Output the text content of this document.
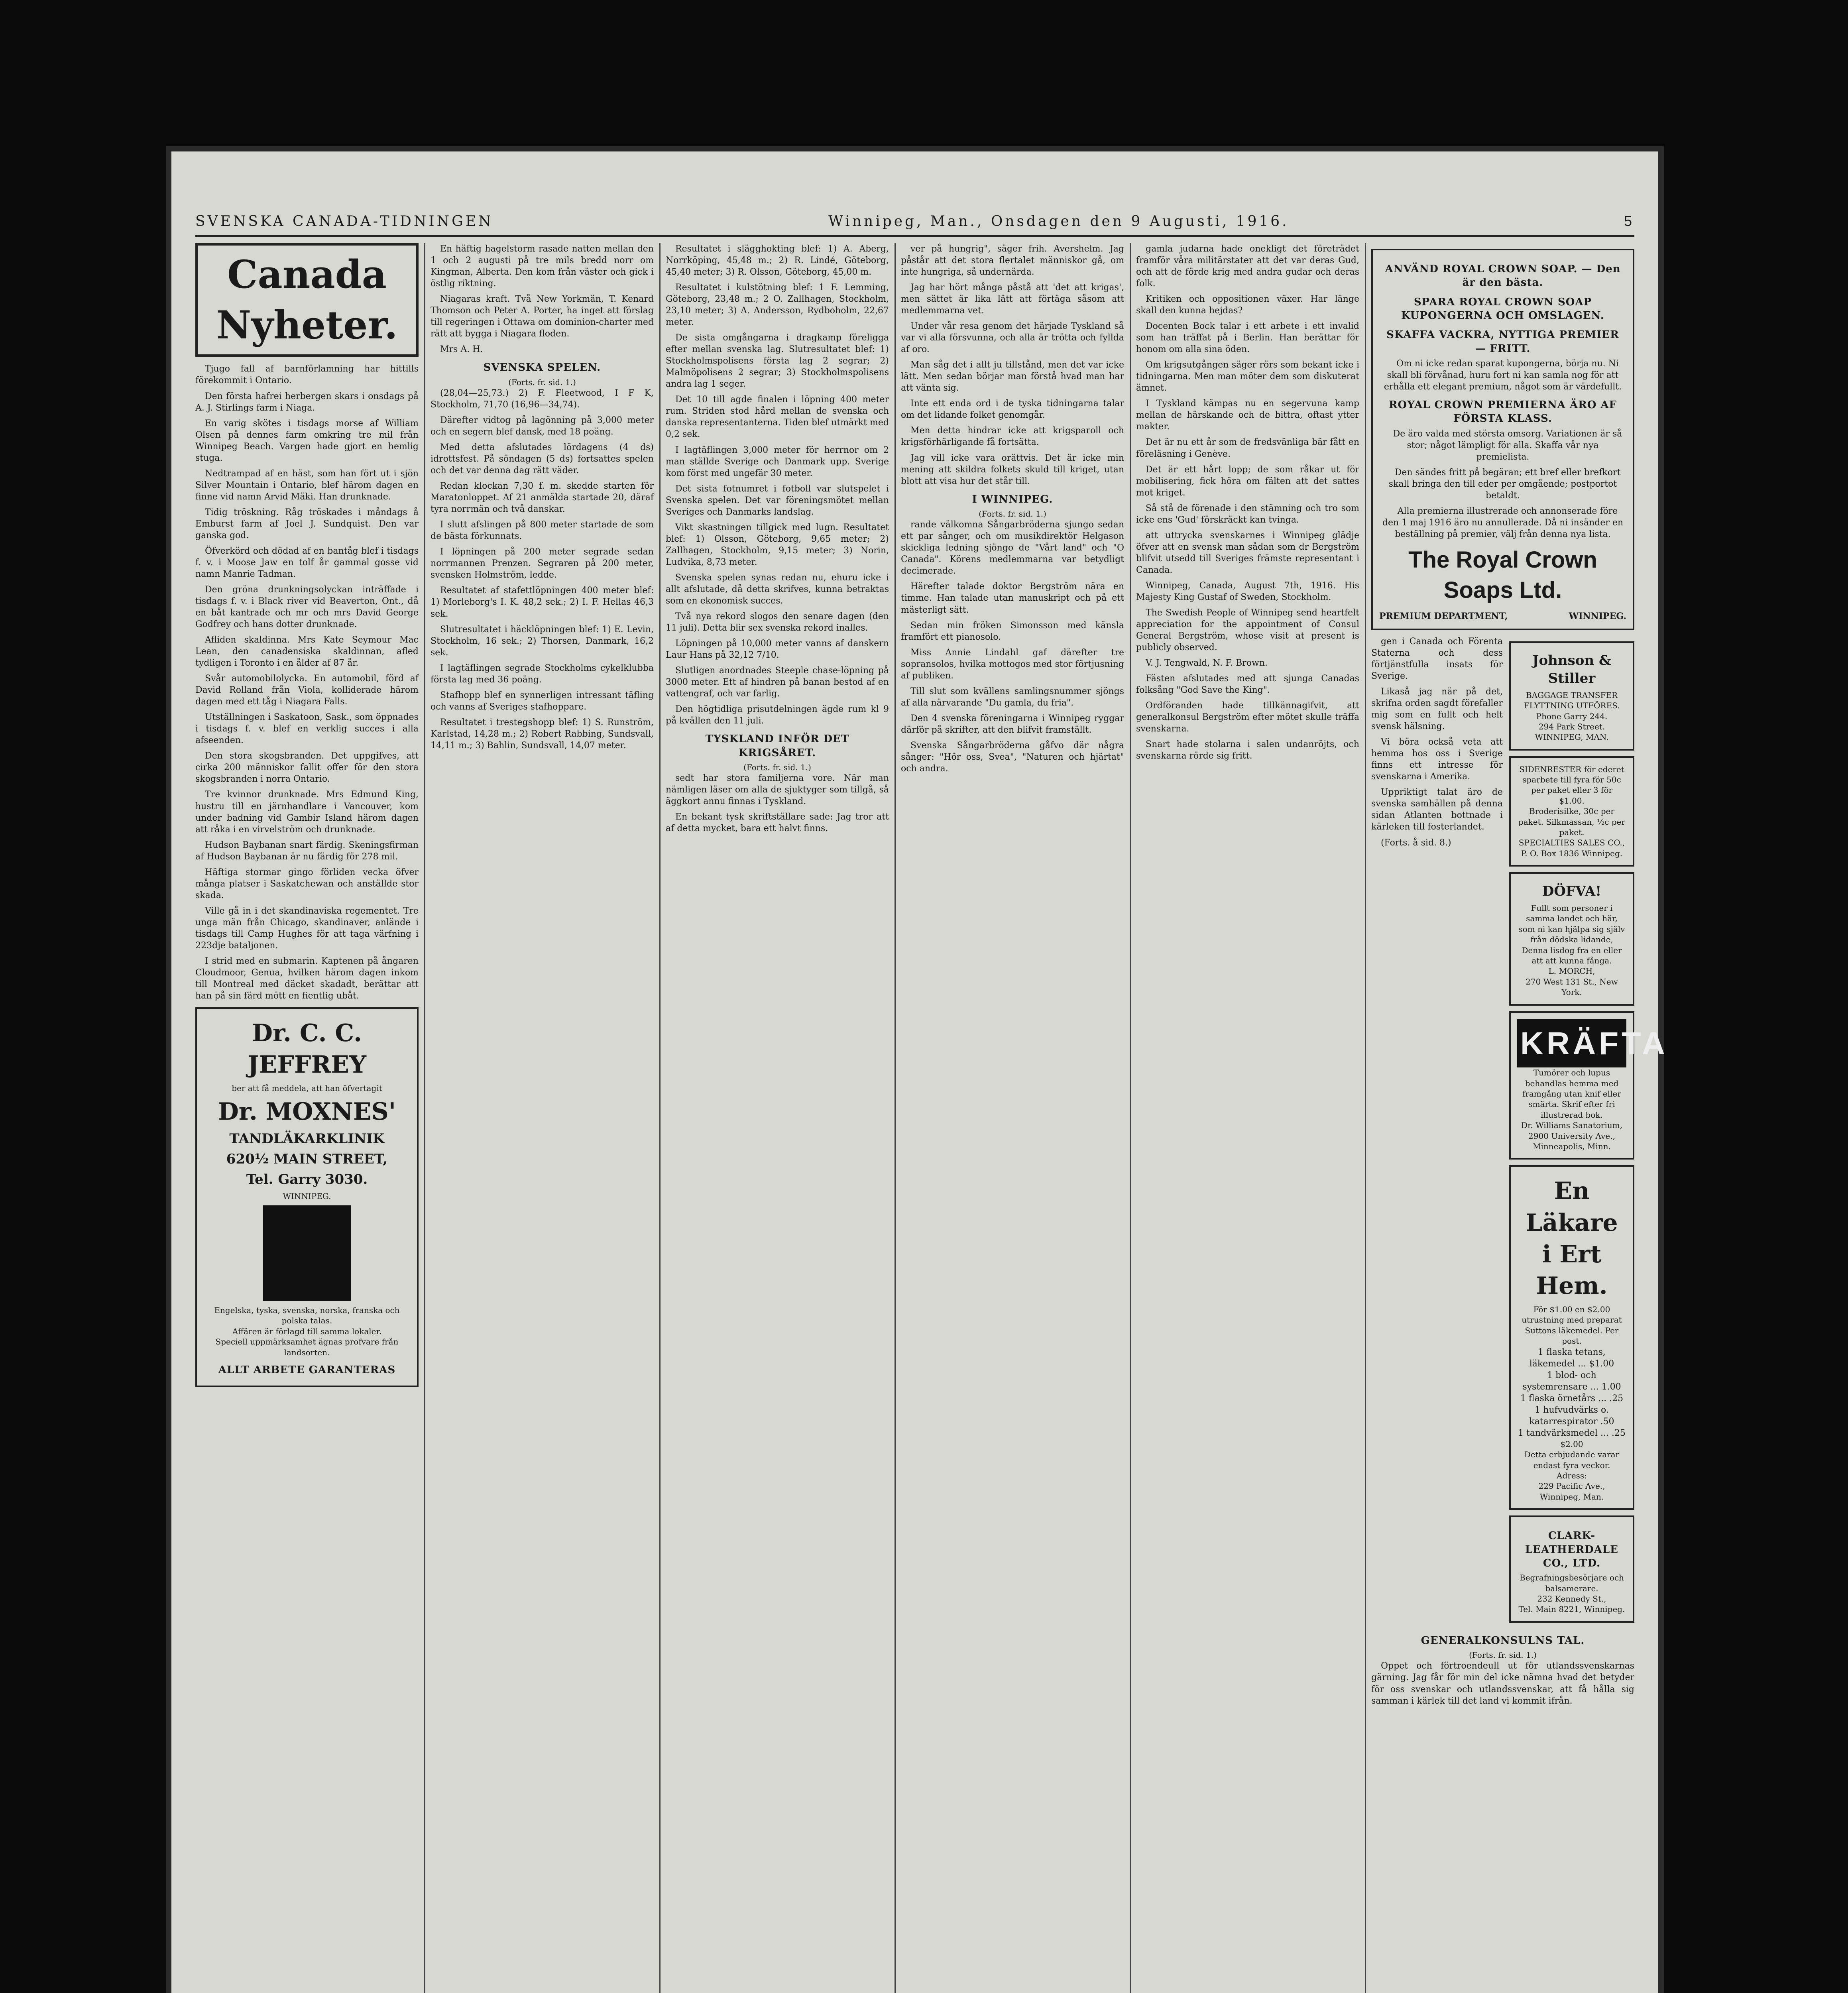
SVENSKA CANADA-TIDNINGEN	Winnipeg, Man., Onsdagen den 9 Augusti, 1916.	5
Canada Nyheter.

Tjugo fall af barnförlamning har hittills förekommit i Ontario.

Den första hafrei herbergen skars i onsdags på A. J. Stirlings farm i Niaga.

En varig skötes i tisdags morse af William Olsen på dennes farm omkring tre mil från Winnipeg Beach. Vargen hade gjort en hemlig stuga.

Nedtrampad af en häst, som han fört ut i sjön Silver Mountain i Ontario, blef härom dagen en finne vid namn Arvid Mäki. Han drunknade.

Tidig tröskning. Råg tröskades i måndags å Emburst farm af Joel J. Sundquist. Den var ganska god.

Öfverkörd och dödad af en bantåg blef i tisdags f. v. i Moose Jaw en tolf år gammal gosse vid namn Manrie Tadman.

Den gröna drunkningsolyckan inträffade i tisdags f. v. i Black river vid Beaverton, Ont., då en båt kantrade och mr och mrs David George Godfrey och hans dotter drunknade.

Afliden skaldinna. Mrs Kate Seymour Mac Lean, den canadensiska skaldinnan, afled tydligen i Toronto i en ålder af 87 år.

Svår automobilolycka. En automobil, förd af David Rolland från Viola, kolliderade härom dagen med ett tåg i Niagara Falls.

Utställningen i Saskatoon, Sask., som öppnades i tisdags f. v. blef en verklig succes i alla afseenden.

Den stora skogsbranden. Det uppgifves, att cirka 200 människor fallit offer för den stora skogsbranden i norra Ontario.

Tre kvinnor drunknade. Mrs Edmund King, hustru till en järnhandlare i Vancouver, kom under badning vid Gambir Island härom dagen att råka i en virvelström och drunknade.

Hudson Baybanan snart färdig. Skeningsfirman af Hudson Baybanan är nu färdig för 278 mil.

Häftiga stormar gingo förliden vecka öfver många platser i Saskatchewan och anställde stor skada.

Ville gå in i det skandinaviska regementet. Tre unga män från Chicago, skandinaver, anlände i tisdags till Camp Hughes för att taga värfning i 223dje bataljonen.

I strid med en submarin. Kaptenen på ångaren Cloudmoor, Genua, hvilken härom dagen inkom till Montreal med däcket skadadt, berättar att han på sin färd mött en fientlig ubåt.

Dr. C. C. JEFFREY
ber att få meddela, att han öfvertagit
Dr. MOXNES'
TANDLÄKARKLINIK
620½ MAIN STREET,
Tel. Garry 3030.
WINNIPEG.
Engelska, tyska, svenska, norska, franska och polska talas.
Affären är förlagd till samma lokaler.
Speciell uppmärksamhet ägnas profvare från landsorten.
ALLT ARBETE GARANTERAS

En häftig hagelstorm rasade natten mellan den 1 och 2 augusti på tre mils bredd norr om Kingman, Alberta. Den kom från väster och gick i östlig riktning.

Niagaras kraft. Två New Yorkmän, T. Kenard Thomson och Peter A. Porter, ha inget att förslag till regeringen i Ottawa om dominion-charter med rätt att bygga i Niagara floden.

Mrs A. H.

SVENSKA SPELEN.
(Forts. fr. sid. 1.)

(28,04—25,73.) 2) F. Fleetwood, I F K, Stockholm, 71,70 (16,96—34,74).

Därefter vidtog på lagönning på 3,000 meter och en segern blef dansk, med 18 poäng.

Med detta afslutades lördagens (4 ds) idrottsfest. På söndagen (5 ds) fortsattes spelen och det var denna dag rätt väder.

Redan klockan 7,30 f. m. skedde starten för Maratonloppet. Af 21 anmälda startade 20, däraf tyra norrmän och två danskar.

I slutt afslingen på 800 meter startade de som de bästa förkunnats.

I löpningen på 200 meter segrade sedan norrmannen Prenzen. Segraren på 200 meter, svensken Holmström, ledde.

Resultatet af stafettlöpningen 400 meter blef: 1) Morleborg's I. K. 48,2 sek.; 2) I. F. Hellas 46,3 sek.

Slutresultatet i häcklöpningen blef: 1) E. Levin, Stockholm, 16 sek.; 2) Thorsen, Danmark, 16,2 sek.

I lagtäflingen segrade Stockholms cykelklubba första lag med 36 poäng.

Stafhopp blef en synnerligen intressant täfling och vanns af Sveriges stafhoppare.

Resultatet i trestegshopp blef: 1) S. Runström, Karlstad, 14,28 m.; 2) Robert Rabbing, Sundsvall, 14,11 m.; 3) Bahlin, Sundsvall, 14,07 meter.

Resultatet i slägghokting blef: 1) A. Aberg, Norrköping, 45,48 m.; 2) R. Lindé, Göteborg, 45,40 meter; 3) R. Olsson, Göteborg, 45,00 m.

Resultatet i kulstötning blef: 1 F. Lemming, Göteborg, 23,48 m.; 2 O. Zallhagen, Stockholm, 23,10 meter; 3) A. Andersson, Rydboholm, 22,67 meter.

De sista omgångarna i dragkamp föreligga efter mellan svenska lag. Slutresultatet blef: 1) Stockholmspolisens första lag 2 segrar; 2) Malmöpolisens 2 segrar; 3) Stockholmspolisens andra lag 1 seger.

Det 10 till agde finalen i löpning 400 meter rum. Striden stod hård mellan de svenska och danska representanterna. Tiden blef utmärkt med 0,2 sek.

I lagtäflingen 3,000 meter för herrnor om 2 man ställde Sverige och Danmark upp. Sverige kom först med ungefär 30 meter.

Det sista fotnumret i fotboll var slutspelet i Svenska spelen. Det var föreningsmötet mellan Sveriges och Danmarks landslag.

Vikt skastningen tillgick med lugn. Resultatet blef: 1) Olsson, Göteborg, 9,65 meter; 2) Zallhagen, Stockholm, 9,15 meter; 3) Norin, Ludvika, 8,73 meter.

Svenska spelen synas redan nu, ehuru icke i allt afslutade, då detta skrifves, kunna betraktas som en ekonomisk succes.

Två nya rekord slogos den senare dagen (den 11 juli). Detta blir sex svenska rekord inalles.

Löpningen på 10,000 meter vanns af danskern Laur Hans på 32,12 7/10.

Slutligen anordnades Steeple chase-löpning på 3000 meter. Ett af hindren på banan bestod af en vattengraf, och var farlig.

Den högtidliga prisutdelningen ägde rum kl 9 på kvällen den 11 juli.

TYSKLAND INFÖR DET KRIGSÅRET.
(Forts. fr. sid. 1.)

sedt har stora familjerna vore. När man nämligen läser om alla de sjuktyger som tillgå, så äggkort annu finnas i Tyskland.

En bekant tysk skriftställare sade: Jag tror att af detta mycket, bara ett halvt finns.

ver på hungrig", säger frih. Avershelm. Jag påstår att det stora flertalet människor gå, om inte hungriga, så undernärda.

Jag har hört många påstå att 'det att krigas', men sättet är lika lätt att förtäga såsom att medlemmarna vet.

Under vår resa genom det härjade Tyskland så var vi alla försvunna, och alla är trötta och fyllda af oro.

Man såg det i allt ju tillstånd, men det var icke lätt. Men sedan börjar man förstå hvad man har att vänta sig.

Inte ett enda ord i de tyska tidningarna talar om det lidande folket genomgår.

Men detta hindrar icke att krigsparoll och krigsförhärligande få fortsätta.

Jag vill icke vara orättvis. Det är icke min mening att skildra folkets skuld till kriget, utan blott att visa hur det står till.

I WINNIPEG.
(Forts. fr. sid. 1.)

rande välkomna Sångarbröderna sjungo sedan ett par sånger, och om musikdirektör Helgason skickliga ledning sjöngo de "Vårt land" och "O Canada". Körens medlemmarna var betydligt decimerade.

Härefter talade doktor Bergström nära en timme. Han talade utan manuskript och på ett mästerligt sätt.

Sedan min fröken Simonsson med känsla framfört ett pianosolo.

Miss Annie Lindahl gaf därefter tre sopransolos, hvilka mottogos med stor förtjusning af publiken.

Till slut som kvällens samlingsnummer sjöngs af alla närvarande "Du gamla, du fria".

Den 4 svenska föreningarna i Winnipeg ryggar därför på skrifter, att den blifvit framställt.

Svenska Sångarbröderna gåfvo där några sånger: "Hör oss, Svea", "Naturen och hjärtat" och andra.

gamla judarna hade onekligt det företrädet framför våra militärstater att det var deras Gud, och att de förde krig med andra gudar och deras folk.

Kritiken och oppositionen växer. Har länge skall den kunna hejdas?

Docenten Bock talar i ett arbete i ett invalid som han träffat på i Berlin. Han berättar för honom om alla sina öden.

Om krigsutgången säger rörs som bekant icke i tidningarna. Men man möter dem som diskuterat ämnet.

I Tyskland kämpas nu en segervuna kamp mellan de härskande och de bittra, oftast ytter makter.

Det är nu ett år som de fredsvänliga bär fått en föreläsning i Genève.

Det är ett hårt lopp; de som råkar ut för mobilisering, fick höra om fälten att det sattes mot kriget.

Så stå de förenade i den stämning och tro som icke ens 'Gud' förskräckt kan tvinga.

att uttrycka svenskarnes i Winnipeg glädje öfver att en svensk man sådan som dr Bergström blifvit utsedd till Sveriges främste representant i Canada.

Winnipeg, Canada, August 7th, 1916. His Majesty King Gustaf of Sweden, Stockholm.

The Swedish People of Winnipeg send heartfelt appreciation for the appointment of Consul General Bergström, whose visit at present is publicly observed.

V. J. Tengwald, N. F. Brown.

Fästen afslutades med att sjunga Canadas folksång "God Save the King".

Ordföranden hade tillkännagifvit, att generalkonsul Bergström efter mötet skulle träffa svenskarna.

Snart hade stolarna i salen undanröjts, och svenskarna rörde sig fritt.

ANVÄND ROYAL CROWN SOAP. — Den är den bästa.
SPARA ROYAL CROWN SOAP KUPONGERNA OCH OMSLAGEN.
SKAFFA VACKRA, NYTTIGA PREMIER — FRITT.

Om ni icke redan sparat kupongerna, börja nu. Ni skall bli förvånad, huru fort ni kan samla nog för att erhålla ett elegant premium, något som är värdefullt.

ROYAL CROWN PREMIERNA ÄRO AF FÖRSTA KLASS.

De äro valda med största omsorg. Variationen är så stor; något lämpligt för alla. Skaffa vår nya premielista.

Den sändes fritt på begäran; ett bref eller brefkort skall bringa den till eder per omgående; postportot betaldt.

Alla premierna illustrerade och annonserade före den 1 maj 1916 äro nu annullerade. Då ni insänder en beställning på premier, välj från denna nya lista.

The Royal Crown Soaps Ltd.
PREMIUM DEPARTMENT,	WINNIPEG.

gen i Canada och Förenta Staterna och dess förtjänstfulla insats för Sverige.

Likaså jag när på det, skrifna orden sagdt förefaller mig som en fullt och helt svensk hälsning.

Vi böra också veta att hemma hos oss i Sverige finns ett intresse för svenskarna i Amerika.

Uppriktigt talat äro de svenska samhällen på denna sidan Atlanten bottnade i kärleken till fosterlandet.

(Forts. å sid. 8.)

Johnson & Stiller
BAGGAGE TRANSFER
FLYTTNING UTFÖRES.
Phone Garry 244.
294 Park Street.
WINNIPEG, MAN.
SIDENRESTER för ederet sparbete till fyra för 50c per paket eller 3 för $1.00.
Broderisilke, 30c per paket. Silkmassan, ½c per paket.
SPECIALTIES SALES CO.,
P. O. Box 1836 Winnipeg.
DÖFVA!
Fullt som personer i samma landet och här, som ni kan hjälpa sig själv från dödska lidande, Denna lisdog fra en eller att att kunna fånga.
L. MORCH,
270 West 131 St., New York.
KRÄFTA
Tumörer och lupus behandlas hemma med framgång utan knif eller smärta. Skrif efter fri illustrerad bok.
Dr. Williams Sanatorium, 2900 University Ave., Minneapolis, Minn.
En Läkare i Ert Hem.
För $1.00 en $2.00 utrustning med preparat Suttons läkemedel. Per post.
1 flaska tetans, läkemedel ... $1.00
1 blod- och systemrensare ... 1.00
1 flaska örnetårs ... .25
1 hufvudvärks o. katarrespirator .50
1 tandvärksmedel ... .25
$2.00
Detta erbjudande varar endast fyra veckor.
Adress:
229 Pacific Ave., Winnipeg, Man.
CLARK-LEATHERDALE CO., LTD.
Begrafningsbesörjare och balsamerare.
232 Kennedy St.,
Tel. Main 8221, Winnipeg.
GENERALKONSULNS TAL.
(Forts. fr. sid. 1.)

Oppet och förtroendeull ut för utlandssvenskarnas gärning. Jag får för min del icke nämna hvad det betyder för oss svenskar och utlandssvenskar, att få hålla sig samman i kärlek till det land vi kommit ifrån.
